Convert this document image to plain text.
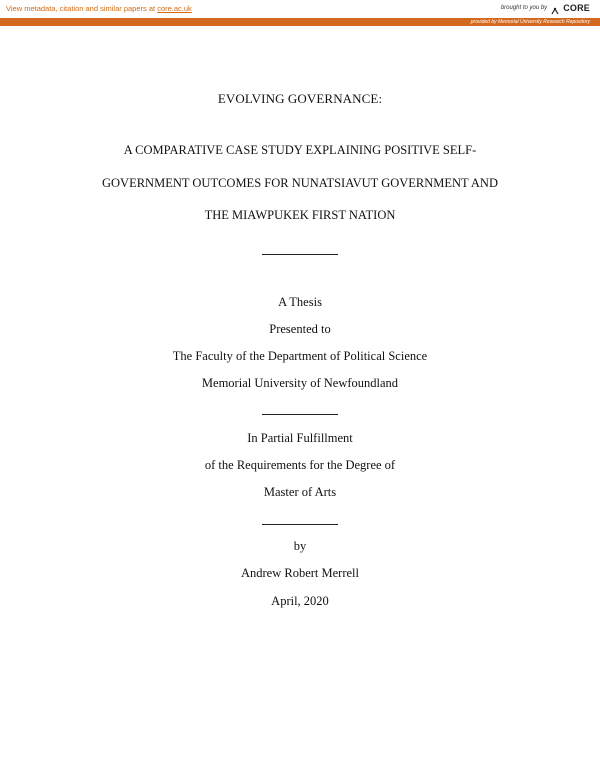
View metadata, citation and similar papers at core.ac.uk	brought to you by CORE
provided by Memorial University Research Repository
EVOLVING GOVERNANCE:
A COMPARATIVE CASE STUDY EXPLAINING POSITIVE SELF-
GOVERNMENT OUTCOMES FOR NUNATSIAVUT GOVERNMENT AND
THE MIAWPUKEK FIRST NATION
A Thesis
Presented to
The Faculty of the Department of Political Science
Memorial University of Newfoundland
In Partial Fulfillment
of the Requirements for the Degree of
Master of Arts
by
Andrew Robert Merrell
April, 2020
